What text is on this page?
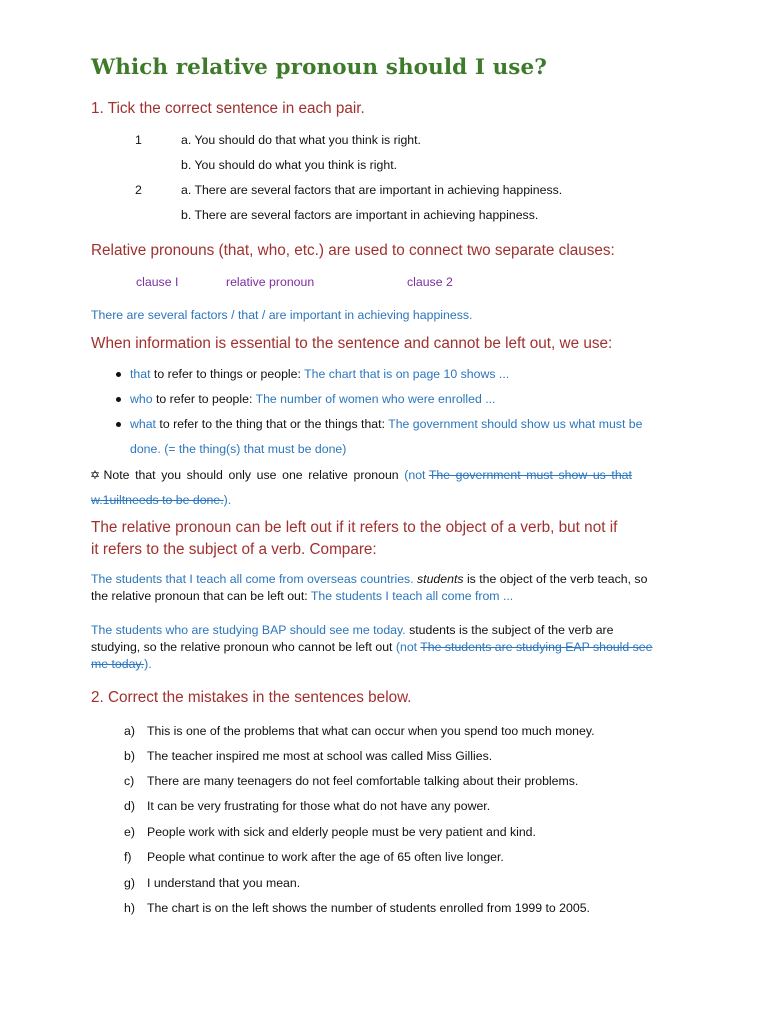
Which relative pronoun should I use?
1. Tick the correct sentence in each pair.
1	a. You should do that what you think is right.
b. You should do what you think is right.
2	a. There are several factors that are important in achieving happiness.
b. There are several factors are important in achieving happiness.
Relative pronouns (that, who, etc.) are used to connect two separate clauses:
clause I	relative pronoun	clause 2
There are several factors / that / are important in achieving happiness.
When information is essential to the sentence and cannot be left out, we use:
that to refer to things or people: The chart that is on page 10 shows ...
who to refer to people: The number of women who were enrolled ...
what to refer to the thing that or the things that: The government should show us what must be
done. (= the thing(s) that must be done)
✡ Note that you should only use one relative pronoun (not The government must show us that
w.1uiltneeds to be done.).
The relative pronoun can be left out if it refers to the object of a verb, but not if
it refers to the subject of a verb. Compare:
The students that I teach all come from overseas countries. students is the object of the verb teach, so
the relative pronoun that can be left out: The students I teach all come from ...
The students who are studying BAP should see me today. students is the subject of the verb are
studying, so the relative pronoun who cannot be left out (not The students are studying EAP should see
me today.).
2. Correct the mistakes in the sentences below.
a) This is one of the problems that what can occur when you spend too much money.
b) The teacher inspired me most at school was called Miss Gillies.
c) There are many teenagers do not feel comfortable talking about their problems.
d) It can be very frustrating for those what do not have any power.
e) People work with sick and elderly people must be very patient and kind.
f) People what continue to work after the age of 65 often live longer.
g) I understand that you mean.
h) The chart is on the left shows the number of students enrolled from 1999 to 2005.
